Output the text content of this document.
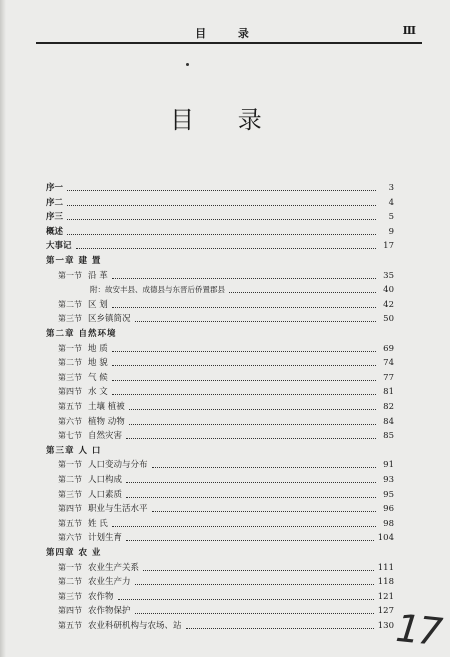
目 录	Ⅲ
目 录
序一	3
序二	4
序三	5
概述	9
大事记	17
第一章 建 置
第一节 沿 革	35
附：故安丰县、成德县与东晋后侨置郡县	40
第二节 区 划	42
第三节 区乡镇简况	50
第二章 自然环境
第一节 地 质	69
第二节 地 貌	74
第三节 气 候	77
第四节 水 文	81
第五节 土壤 植被	82
第六节 植物 动物	84
第七节 自然灾害	85
第三章 人 口
第一节 人口变动与分布	91
第二节 人口构成	93
第三节 人口素质	95
第四节 职业与生活水平	96
第五节 姓 氏	98
第六节 计划生育	104
第四章 农 业
第一节 农业生产关系	111
第二节 农业生产力	118
第三节 农作物	121
第四节 农作物保护	127
第五节 农业科研机构与农场、站	130 17
